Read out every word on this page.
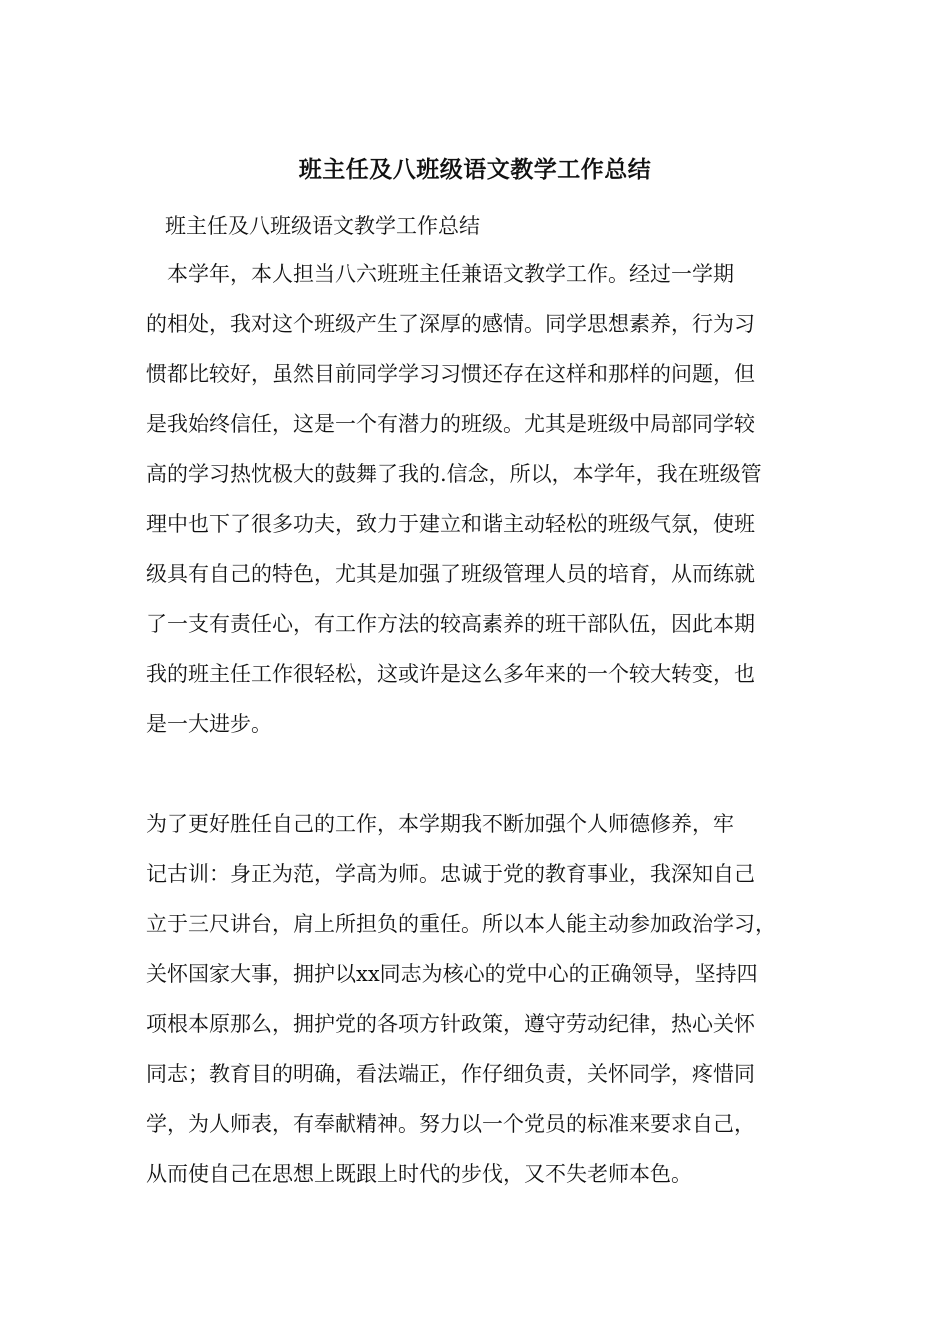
班主任及八班级语文教学工作总结
班主任及八班级语文教学工作总结
　本学年，本人担当八六班班主任兼语文教学工作。经过一学期
的相处，我对这个班级产生了深厚的感情。同学思想素养，行为习
惯都比较好，虽然目前同学学习习惯还存在这样和那样的问题，但
是我始终信任，这是一个有潜力的班级。尤其是班级中局部同学较
高的学习热忱极大的鼓舞了我的.信念，所以，本学年，我在班级管
理中也下了很多功夫，致力于建立和谐主动轻松的班级气氛，使班
级具有自己的特色，尤其是加强了班级管理人员的培育，从而练就
了一支有责任心，有工作方法的较高素养的班干部队伍，因此本期
我的班主任工作很轻松，这或许是这么多年来的一个较大转变，也
是一大进步。
为了更好胜任自己的工作，本学期我不断加强个人师德修养，牢
记古训：身正为范，学高为师。忠诚于党的教育事业，我深知自己
立于三尺讲台，肩上所担负的重任。所以本人能主动参加政治学习，
关怀国家大事，拥护以xx同志为核心的党中心的正确领导，坚持四
项根本原那么，拥护党的各项方针政策，遵守劳动纪律，热心关怀
同志；教育目的明确，看法端正，作仔细负责，关怀同学，疼惜同
学，为人师表，有奉献精神。努力以一个党员的标准来要求自己，
从而使自己在思想上既跟上时代的步伐，又不失老师本色。
